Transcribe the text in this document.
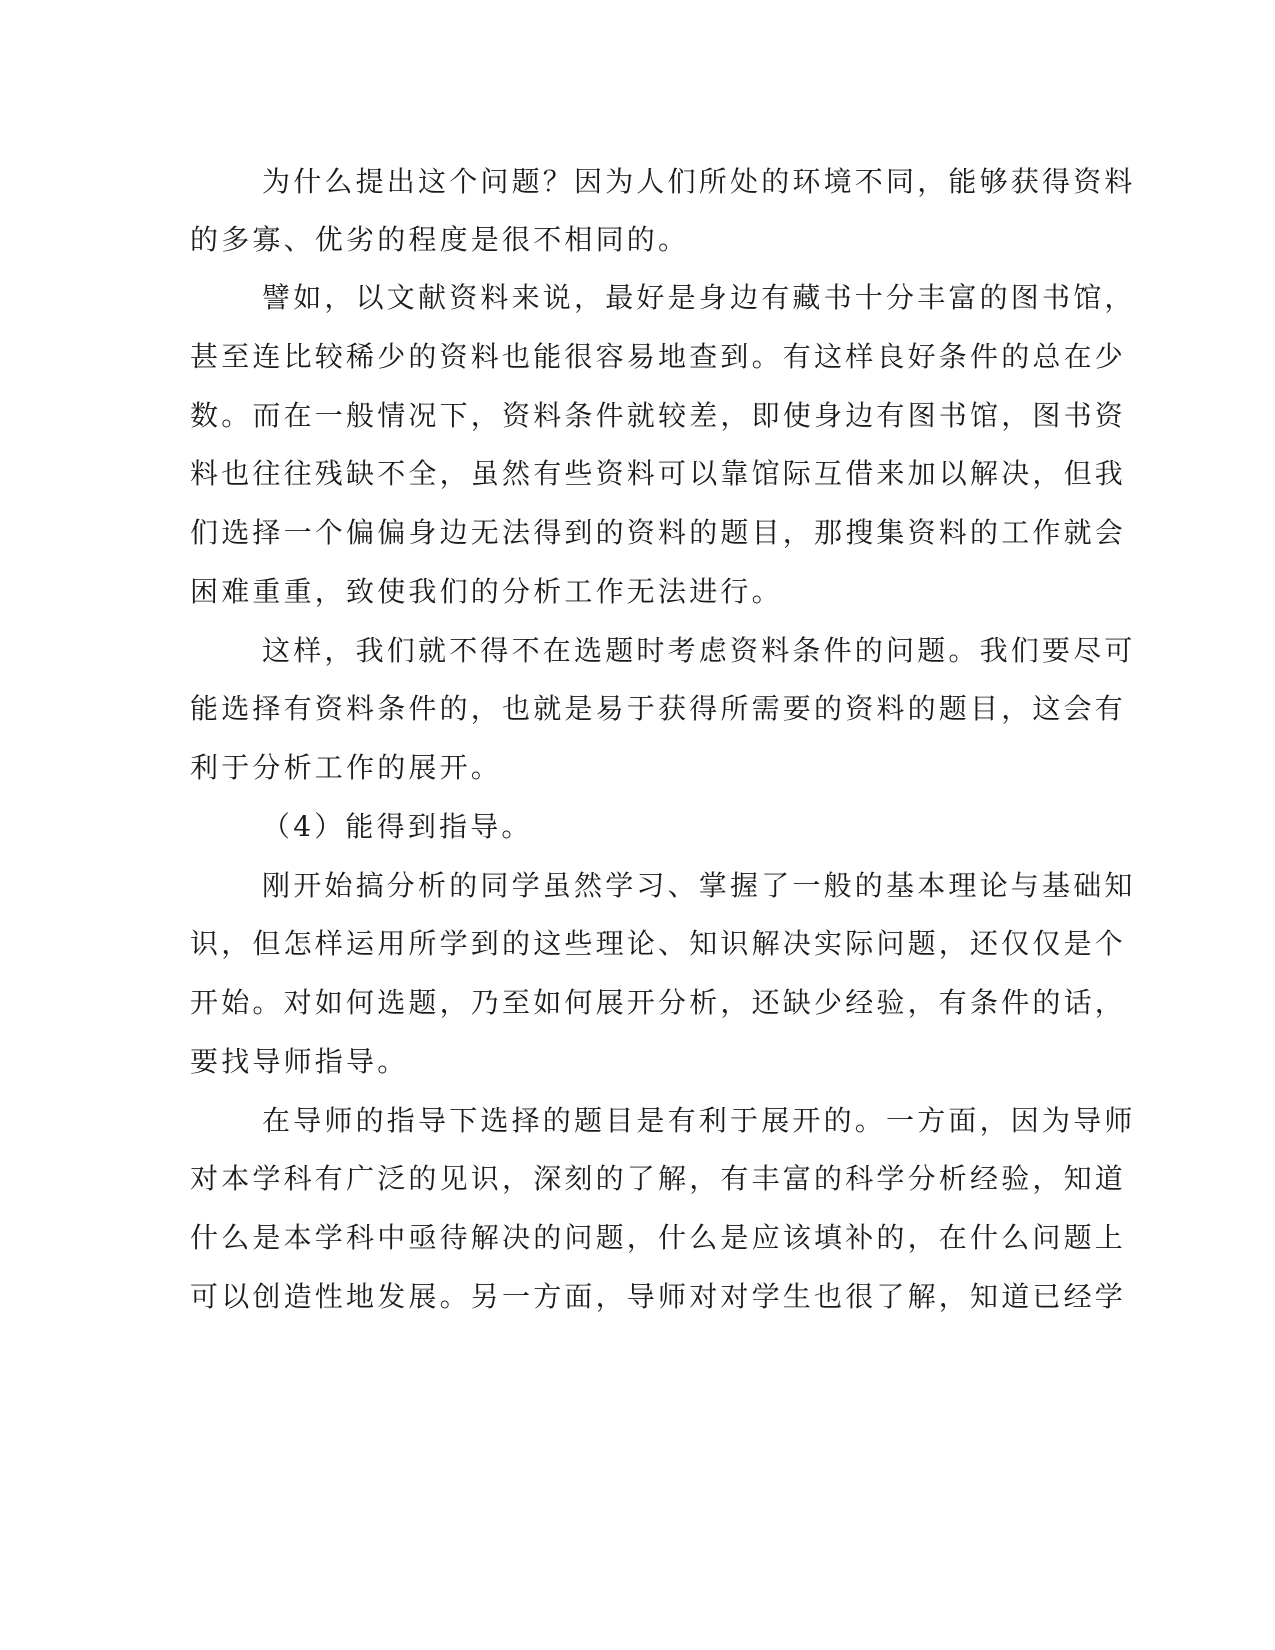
为什么提出这个问题？因为人们所处的环境不同，能够获得资料
的多寡、优劣的程度是很不相同的。
譬如，以文献资料来说，最好是身边有藏书十分丰富的图书馆，
甚至连比较稀少的资料也能很容易地查到。有这样良好条件的总在少
数。而在一般情况下，资料条件就较差，即使身边有图书馆，图书资
料也往往残缺不全，虽然有些资料可以靠馆际互借来加以解决，但我
们选择一个偏偏身边无法得到的资料的题目，那搜集资料的工作就会
困难重重，致使我们的分析工作无法进行。
这样，我们就不得不在选题时考虑资料条件的问题。我们要尽可
能选择有资料条件的，也就是易于获得所需要的资料的题目，这会有
利于分析工作的展开。
（4）能得到指导。
刚开始搞分析的同学虽然学习、掌握了一般的基本理论与基础知
识，但怎样运用所学到的这些理论、知识解决实际问题，还仅仅是个
开始。对如何选题，乃至如何展开分析，还缺少经验，有条件的话，
要找导师指导。
在导师的指导下选择的题目是有利于展开的。一方面，因为导师
对本学科有广泛的见识，深刻的了解，有丰富的科学分析经验，知道
什么是本学科中亟待解决的问题，什么是应该填补的，在什么问题上
可以创造性地发展。另一方面，导师对对学生也很了解，知道已经学
